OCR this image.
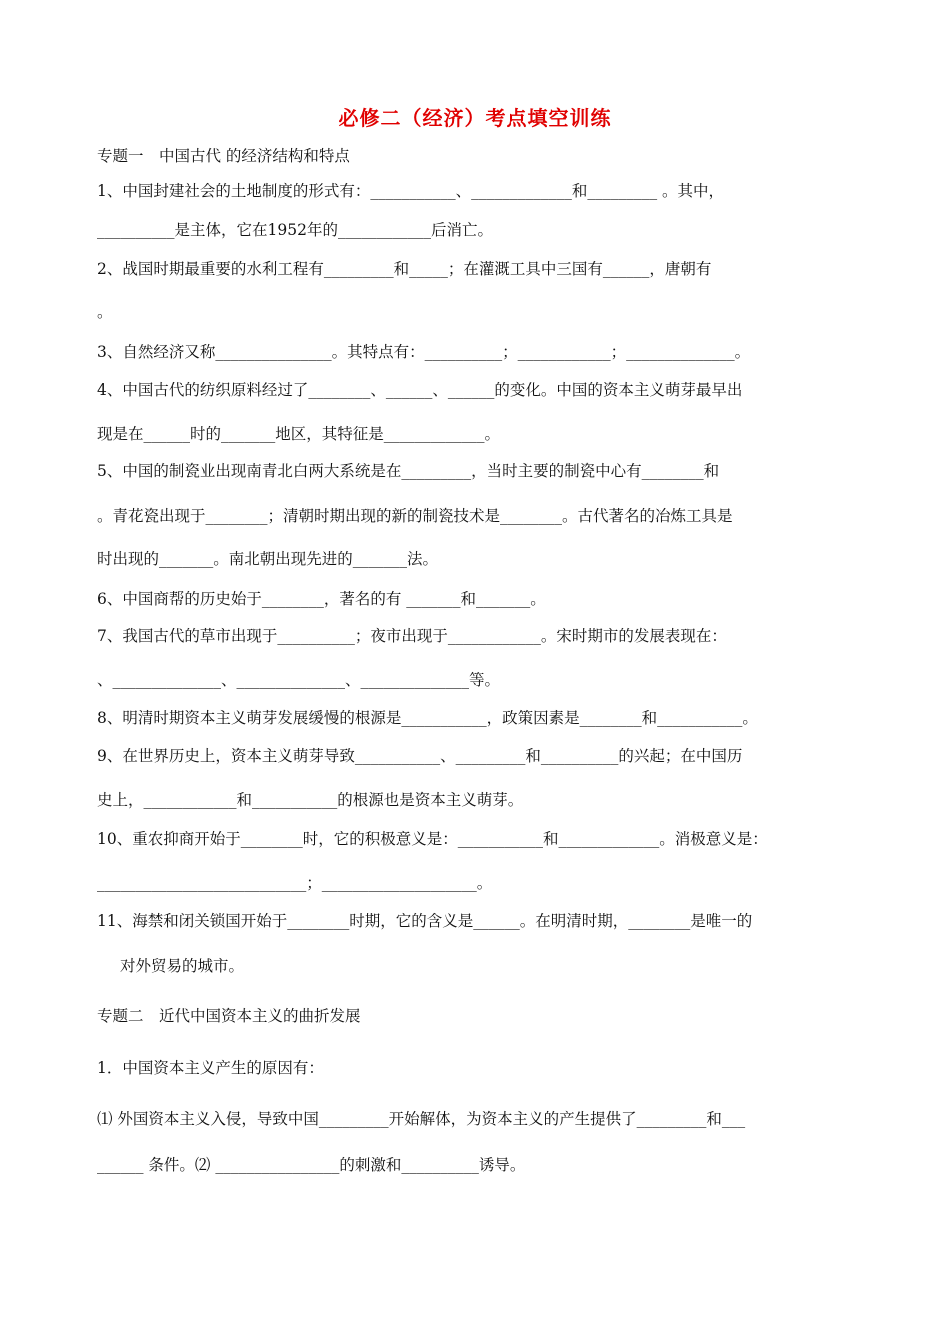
必修二（经济）考点填空训练
专题一　中国古代 的经济结构和特点
1、中国封建社会的土地制度的形式有：___________、_____________和_________ 。其中，
__________是主体，它在1952年的____________后消亡。
2、战国时期最重要的水利工程有_________和_____；在灌溉工具中三国有______，唐朝有
。
3、自然经济又称_______________。其特点有：__________；____________；______________。
4、中国古代的纺织原料经过了________、______、______的变化。中国的资本主义萌芽最早出
现是在______时的_______地区，其特征是_____________。
5、中国的制瓷业出现南青北白两大系统是在_________，当时主要的制瓷中心有________和
。青花瓷出现于________；清朝时期出现的新的制瓷技术是________。古代著名的冶炼工具是
时出现的_______。南北朝出现先进的_______法。
6、中国商帮的历史始于________，著名的有 _______和_______。
7、我国古代的草市出现于__________；夜市出现于____________。宋时期市的发展表现在：
、______________、______________、______________等。
8、明清时期资本主义萌芽发展缓慢的根源是___________，政策因素是________和___________。
9、在世界历史上，资本主义萌芽导致___________、_________和__________的兴起；在中国历
史上，____________和___________的根源也是资本主义萌芽。
10、重农抑商开始于________时，它的积极意义是：___________和_____________。消极意义是：
___________________________；____________________。
11、海禁和闭关锁国开始于________时期，它的含义是______。在明清时期，________是唯一的
对外贸易的城市。
专题二　近代中国资本主义的曲折发展
1．中国资本主义产生的原因有：
⑴ 外国资本主义入侵，导致中国_________开始解体，为资本主义的产生提供了_________和___
______ 条件。⑵ ________________的刺激和__________诱导。
